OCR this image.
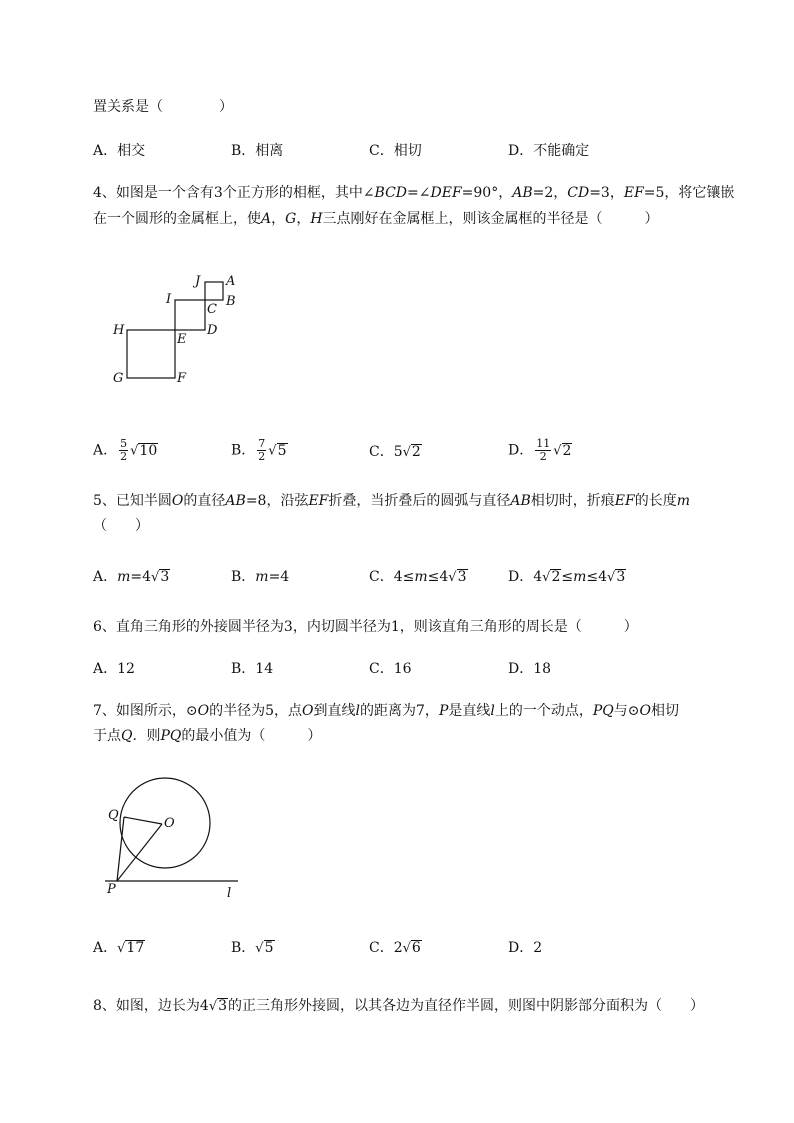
置关系是（　　　　）
A．相交	B．相离	C．相切	D．不能确定
4、如图是一个含有3个正方形的相框，其中∠BCD=∠DEF=90°，AB=2，CD=3，EF=5，将它镶嵌
在一个圆形的金属框上，使A，G，H三点刚好在金属框上，则该金属框的半径是（　　　）
J A
I	B
C
H
E
D
G	F
A． $\frac{5}{2} √10$	B． $\frac{7}{2} √5$	C．5√2	D． $\frac{11}{2} √2$
5、已知半圆O的直径AB=8，沿弦EF折叠，当折叠后的圆弧与直径AB相切时，折痕EF的长度m
（　　）
A．m=4√3	B．m=4	C．4≤m≤4√3	D．4√2≤m≤4√3
6、直角三角形的外接圆半径为3，内切圆半径为1，则该直角三角形的周长是（　　　）
A．12	B．14	C．16	D．18
7、如图所示，⊙O的半径为5，点O到直线l的距离为7，P是直线l上的一个动点，PQ与⊙O相切
于点Q．则PQ的最小值为（　　　）
Q
O
P	l
A．√17	B．√5	C．2√6	D．2
8、如图，边长为4√3的正三角形外接圆，以其各边为直径作半圆，则图中阴影部分面积为（　　）
